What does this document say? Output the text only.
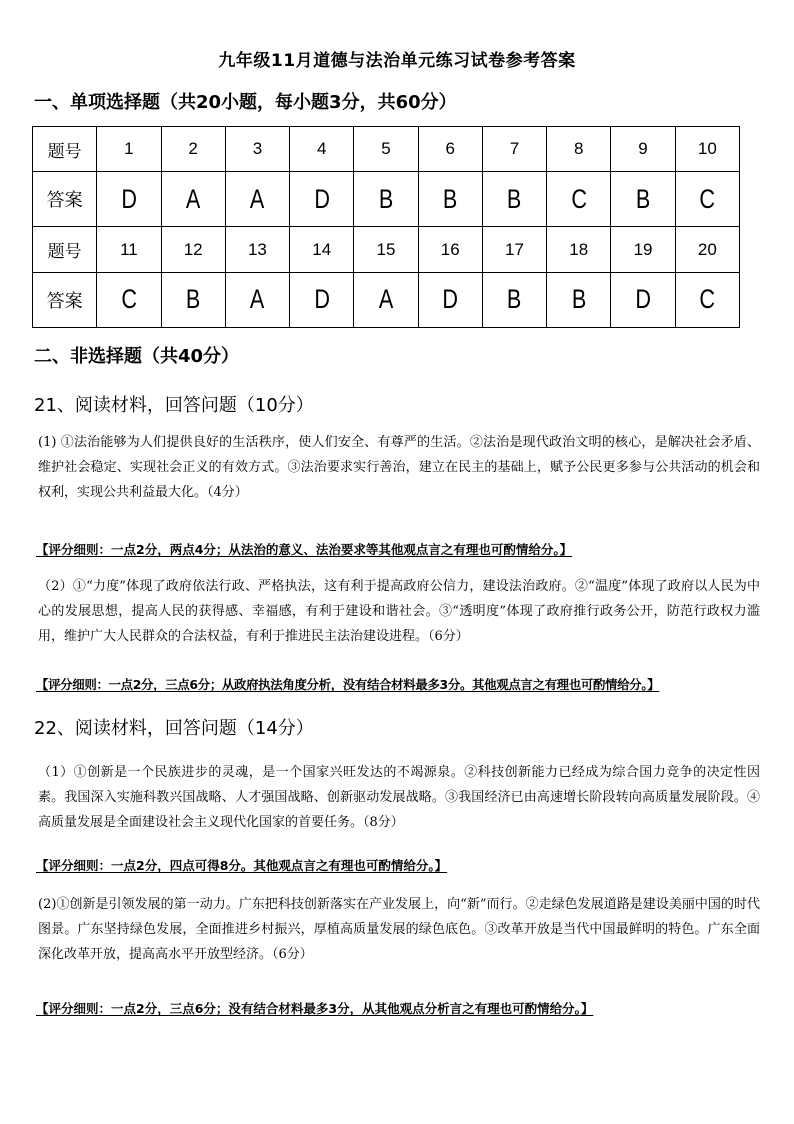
九年级11月道德与法治单元练习试卷参考答案
一、单项选择题（共20小题，每小题3分，共60分）
题号	1	2	3	4	5	6	7	8	9	10
答案	D	A	A	D	B	B	B	C	B	C
题号	11	12	13	14	15	16	17	18	19	20
答案	C	B	A	D	A	D	B	B	D	C
二、非选择题（共40分）
21、阅读材料，回答问题（10分）
(1) ①法治能够为人们提供良好的生活秩序，使人们安全、有尊严的生活。②法治是现代政治文明的核心，是解决社会矛盾、维护社会稳定、实现社会正义的有效方式。③法治要求实行善治，建立在民主的基础上，赋予公民更多参与公共活动的机会和权利，实现公共利益最大化。（4分）
【评分细则：一点2分，两点4分；从法治的意义、法治要求等其他观点言之有理也可酌情给分。】
（2）①“力度”体现了政府依法行政、严格执法，这有利于提高政府公信力，建设法治政府。②“温度”体现了政府以人民为中心的发展思想，提高人民的获得感、幸福感，有利于建设和谐社会。③“透明度”体现了政府推行政务公开，防范行政权力滥用，维护广大人民群众的合法权益，有利于推进民主法治建设进程。（6分）
【评分细则：一点2分，三点6分；从政府执法角度分析，没有结合材料最多3分。其他观点言之有理也可酌情给分。】
22、阅读材料，回答问题（14分）
（1）①创新是一个民族进步的灵魂，是一个国家兴旺发达的不竭源泉。②科技创新能力已经成为综合国力竞争的决定性因素。我国深入实施科教兴国战略、人才强国战略、创新驱动发展战略。③我国经济已由高速增长阶段转向高质量发展阶段。④高质量发展是全面建设社会主义现代化国家的首要任务。（8分）
【评分细则：一点2分，四点可得8分。其他观点言之有理也可酌情给分。】
(2)①创新是引领发展的第一动力。广东把科技创新落实在产业发展上，向“新”而行。②走绿色发展道路是建设美丽中国的时代图景。广东坚持绿色发展，全面推进乡村振兴，厚植高质量发展的绿色底色。③改革开放是当代中国最鲜明的特色。广东全面深化改革开放，提高高水平开放型经济。（6分）
【评分细则：一点2分，三点6分；没有结合材料最多3分，从其他观点分析言之有理也可酌情给分。】
